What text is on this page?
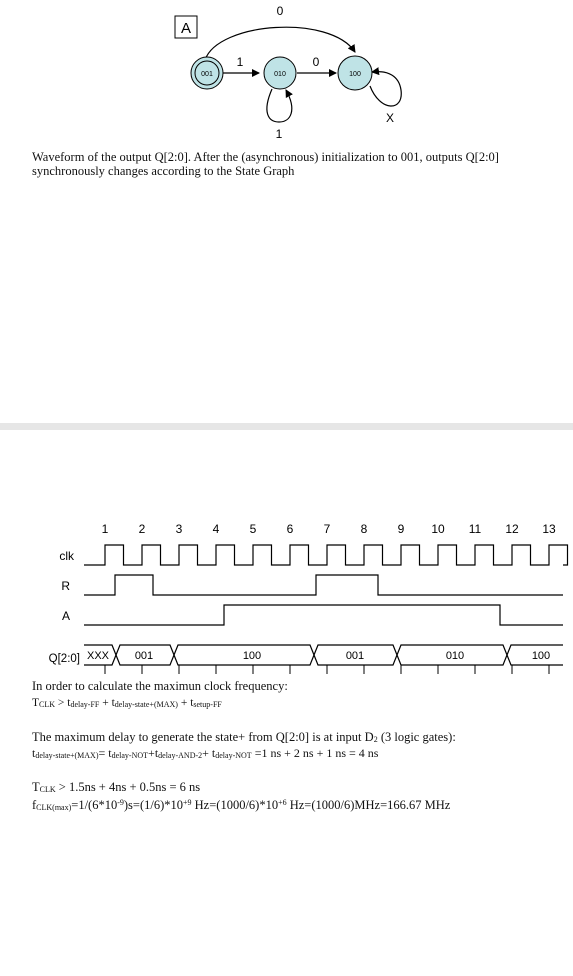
A
0
1	0
1
X
001	010	100

Waveform of the output Q[2:0]. After the (asynchronous) initialization to 001, outputs Q[2:0] synchronously changes according to the State Graph

1	2	3	4	5	6	7	8	9 10 11 12 13
clk
R
A
Q[2:0] XXX 001	100	001	010	100

In order to calculate the maximun clock frequency:

TCLK > tdelay-FF + tdelay-state+(MAX) + tsetup-FF

The maximum delay to generate the state+ from Q[2:0] is at input D2 (3 logic gates):

tdelay-state+(MAX)= tdelay-NOT+tdelay-AND-2+ tdelay-NOT =1 ns + 2 ns + 1 ns = 4 ns

TCLK > 1.5ns + 4ns + 0.5ns = 6 ns

$fCLK(\max)=1/(6*10^{-9})s=(1/6)*10^{+9}$ $Hz=(1000/6)*10^{+6}$ Hz=(1000/6)MHz=166.67 MHz
